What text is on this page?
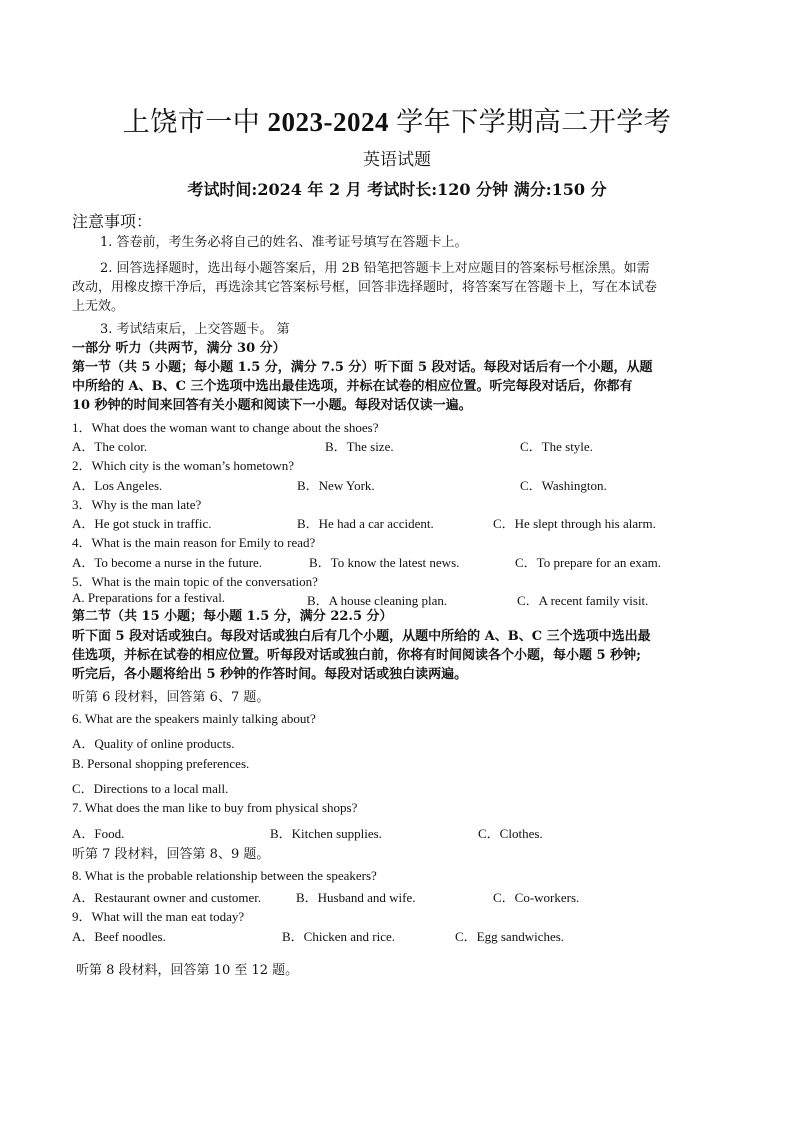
上饶市一中 2023-2024 学年下学期高二开学考
英语试题
考试时间:2024 年 2 月 考试时长:120 分钟 满分:150 分
注意事项：
1. 答卷前，考生务必将自己的姓名、准考证号填写在答题卡上。
2. 回答选择题时，选出每小题答案后，用 2B 铅笔把答题卡上对应题目的答案标号框涂黑。如需
改动，用橡皮擦干净后，再选涂其它答案标号框，回答非选择题时，将答案写在答题卡上，写在本试卷
上无效。
3. 考试结束后，上交答题卡。 第
一部分 听力（共两节，满分 30 分）
第一节（共 5 小题；每小题 1.5 分，满分 7.5 分）听下面 5 段对话。每段对话后有一个小题，从题
中所给的 A、B、C 三个选项中选出最佳选项，并标在试卷的相应位置。听完每段对话后，你都有
10 秒钟的时间来回答有关小题和阅读下一小题。每段对话仅读一遍。
1．What does the woman want to change about the shoes?
A．The color.	B．The size.	C．The style.
2．Which city is the woman’s hometown?
A．Los Angeles.	B．New York.	C．Washington.
3．Why is the man late?
A．He got stuck in traffic.	B．He had a car accident.	C．He slept through his alarm.
4．What is the main reason for Emily to read?
A．To become a nurse in the future.	B．To know the latest news.	C．To prepare for an exam.
5．What is the main topic of the conversation?
A. Preparations for a festival.	B．A house cleaning plan.	C．A recent family visit.
第二节（共 15 小题；每小题 1.5 分，满分 22.5 分）
听下面 5 段对话或独白。每段对话或独白后有几个小题，从题中所给的 A、B、C 三个选项中选出最
佳选项，并标在试卷的相应位置。听每段对话或独白前，你将有时间阅读各个小题，每小题 5 秒钟;
听完后，各小题将给出 5 秒钟的作答时间。每段对话或独白读两遍。
听第 6 段材料，回答第 6、7 题。
6. What are the speakers mainly talking about?
A．Quality of online products.
B. Personal shopping preferences.
C．Directions to a local mall.
7. What does the man like to buy from physical shops?
A．Food.	B．Kitchen supplies.	C．Clothes.
听第 7 段材料，回答第 8、9 题。
8. What is the probable relationship between the speakers?
A．Restaurant owner and customer.	B．Husband and wife.	C．Co-workers.
9．What will the man eat today?
A．Beef noodles.	B．Chicken and rice.	C．Egg sandwiches.
听第 8 段材料，回答第 10 至 12 题。
